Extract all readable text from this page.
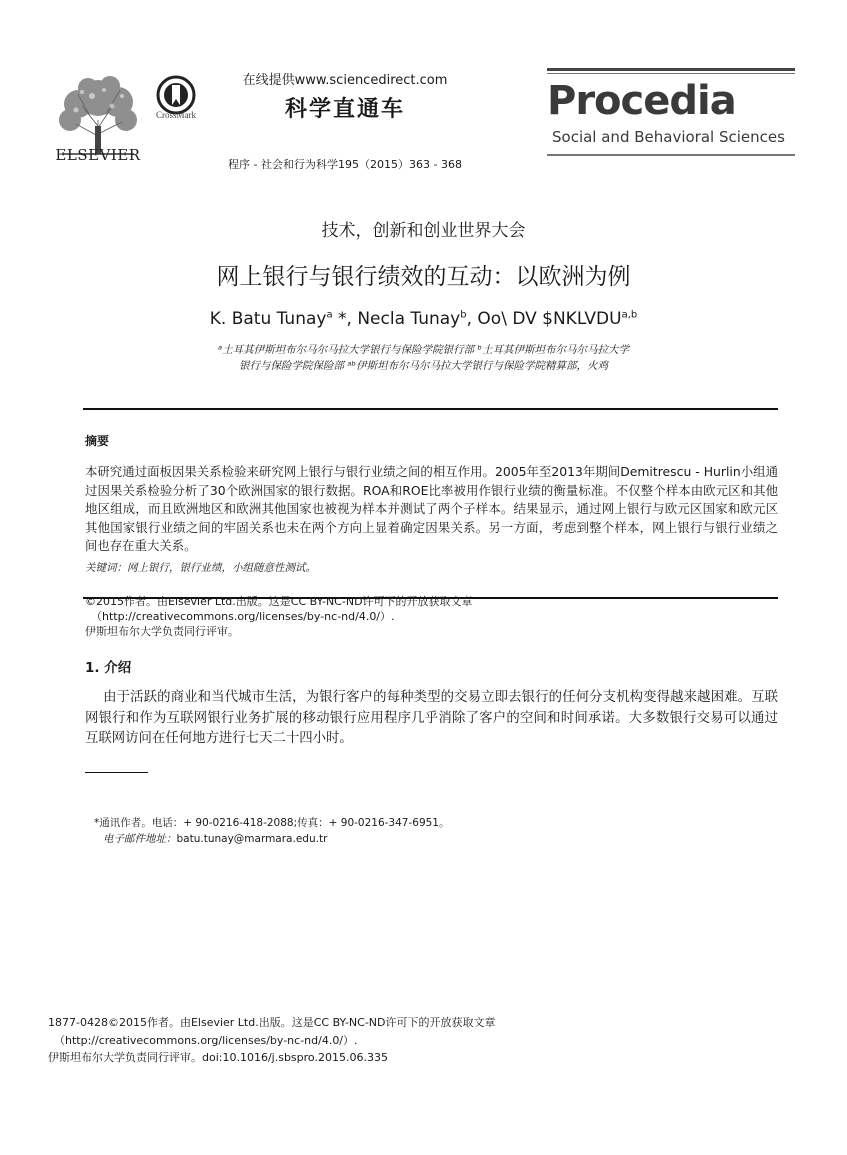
ELSEVIER
CrossMark
在线提供www.sciencedirect.com
科学直通车
程序 - 社会和行为科学195（2015）363 - 368
Procedia
Social and Behavioral Sciences
技术，创新和创业世界大会
网上银行与银行绩效的互动：以欧洲为例
K. Batu Tunay$^a$ *, Necla Tunay$^b$, Oo\ DV $NKLVDU$^{a,b}$
ᵃ土耳其伊斯坦布尔马尔马拉大学银行与保险学院银行部 ᵇ土耳其伊斯坦布尔马尔马拉大学
银行与保险学院保险部 ᵃᵇ伊斯坦布尔马尔马拉大学银行与保险学院精算部，火鸡
摘要
本研究通过面板因果关系检验来研究网上银行与银行业绩之间的相互作用。2005年至2013年期间Demitrescu - Hurlin小组通过因果关系检验分析了30个欧洲国家的银行数据。ROA和ROE比率被用作银行业绩的衡量标准。不仅整个样本由欧元区和其他地区组成，而且欧洲地区和欧洲其他国家也被视为样本并测试了两个子样本。结果显示，通过网上银行与欧元区国家和欧元区其他国家银行业绩之间的牢固关系也未在两个方向上显着确定因果关系。另一方面，考虑到整个样本，网上银行与银行业绩之间也存在重大关系。
关键词：网上银行，银行业绩，小组随意性测试。
©2015作者。由Elsevier Ltd.出版。这是CC BY-NC-ND许可下的开放获取文章
（http://creativecommons.org/licenses/by-nc-nd/4.0/）.
伊斯坦布尔大学负责同行评审。
1. 介绍
由于活跃的商业和当代城市生活，为银行客户的每种类型的交易立即去银行的任何分支机构变得越来越困难。互联网银行和作为互联网银行业务扩展的移动银行应用程序几乎消除了客户的空间和时间承诺。大多数银行交易可以通过互联网访问在任何地方进行七天二十四小时。
*通讯作者。电话：+ 90-0216-418-2088;传真：+ 90-0216-347-6951。
电子邮件地址：batu.tunay@marmara.edu.tr
1877-0428©2015作者。由Elsevier Ltd.出版。这是CC BY-NC-ND许可下的开放获取文章
（http://creativecommons.org/licenses/by-nc-nd/4.0/）.
伊斯坦布尔大学负责同行评审。doi:10.1016/j.sbspro.2015.06.335
